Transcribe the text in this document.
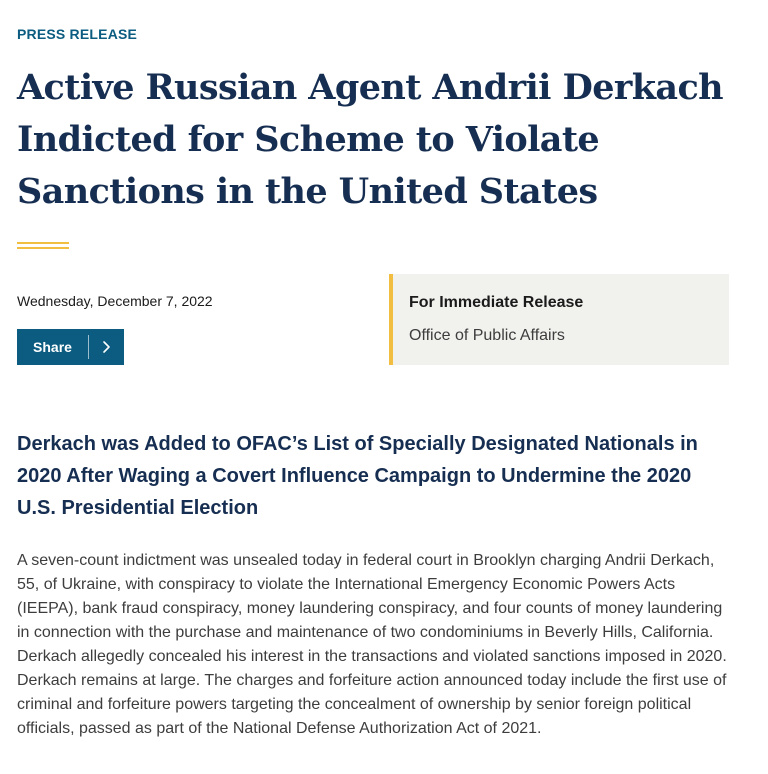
PRESS RELEASE
Active Russian Agent Andrii Derkach Indicted for Scheme to Violate Sanctions in the United States
Wednesday, December 7, 2022
Share
For Immediate Release
Office of Public Affairs
Derkach was Added to OFAC’s List of Specially Designated Nationals in 2020 After Waging a Covert Influence Campaign to Undermine the 2020 U.S. Presidential Election

A seven-count indictment was unsealed today in federal court in Brooklyn charging Andrii Derkach, 55, of Ukraine, with conspiracy to violate the International Emergency Economic Powers Acts (IEEPA), bank fraud conspiracy, money laundering conspiracy, and four counts of money laundering in connection with the purchase and maintenance of two condominiums in Beverly Hills, California. Derkach allegedly concealed his interest in the transactions and violated sanctions imposed in 2020. Derkach remains at large. The charges and forfeiture action announced today include the first use of criminal and forfeiture powers targeting the concealment of ownership by senior foreign political officials, passed as part of the National Defense Authorization Act of 2021.
